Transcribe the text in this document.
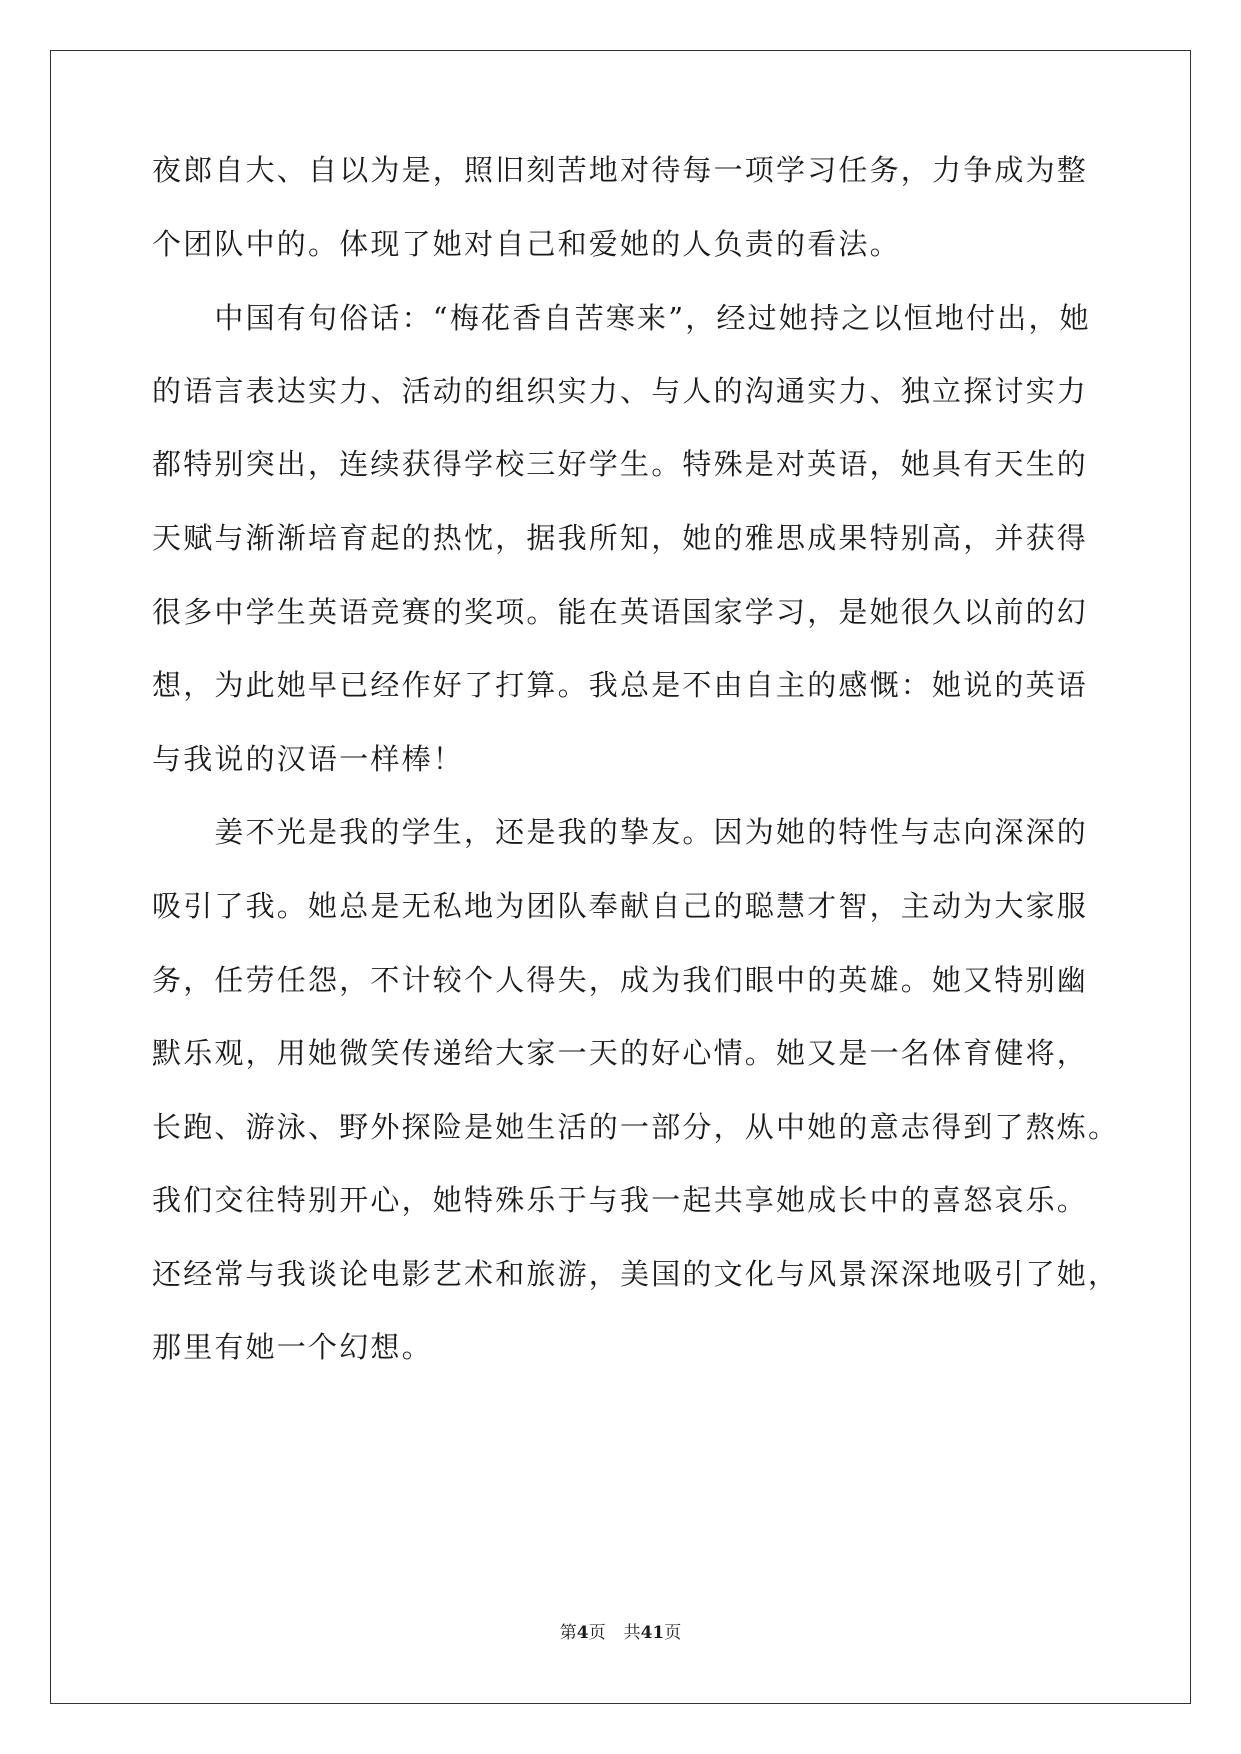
夜郎自大、自以为是，照旧刻苦地对待每一项学习任务，力争成为整
个团队中的。体现了她对自己和爱她的人负责的看法。
　　中国有句俗话：“梅花香自苦寒来”，经过她持之以恒地付出，她
的语言表达实力、活动的组织实力、与人的沟通实力、独立探讨实力
都特别突出，连续获得学校三好学生。特殊是对英语，她具有天生的
天赋与渐渐培育起的热忱，据我所知，她的雅思成果特别高，并获得
很多中学生英语竞赛的奖项。能在英语国家学习，是她很久以前的幻
想，为此她早已经作好了打算。我总是不由自主的感慨：她说的英语
与我说的汉语一样棒！
　　姜不光是我的学生，还是我的挚友。因为她的特性与志向深深的
吸引了我。她总是无私地为团队奉献自己的聪慧才智，主动为大家服
务，任劳任怨，不计较个人得失，成为我们眼中的英雄。她又特别幽
默乐观，用她微笑传递给大家一天的好心情。她又是一名体育健将，
长跑、游泳、野外探险是她生活的一部分，从中她的意志得到了熬炼。
我们交往特别开心，她特殊乐于与我一起共享她成长中的喜怒哀乐。
还经常与我谈论电影艺术和旅游，美国的文化与风景深深地吸引了她，
那里有她一个幻想。
第4页 共41页
